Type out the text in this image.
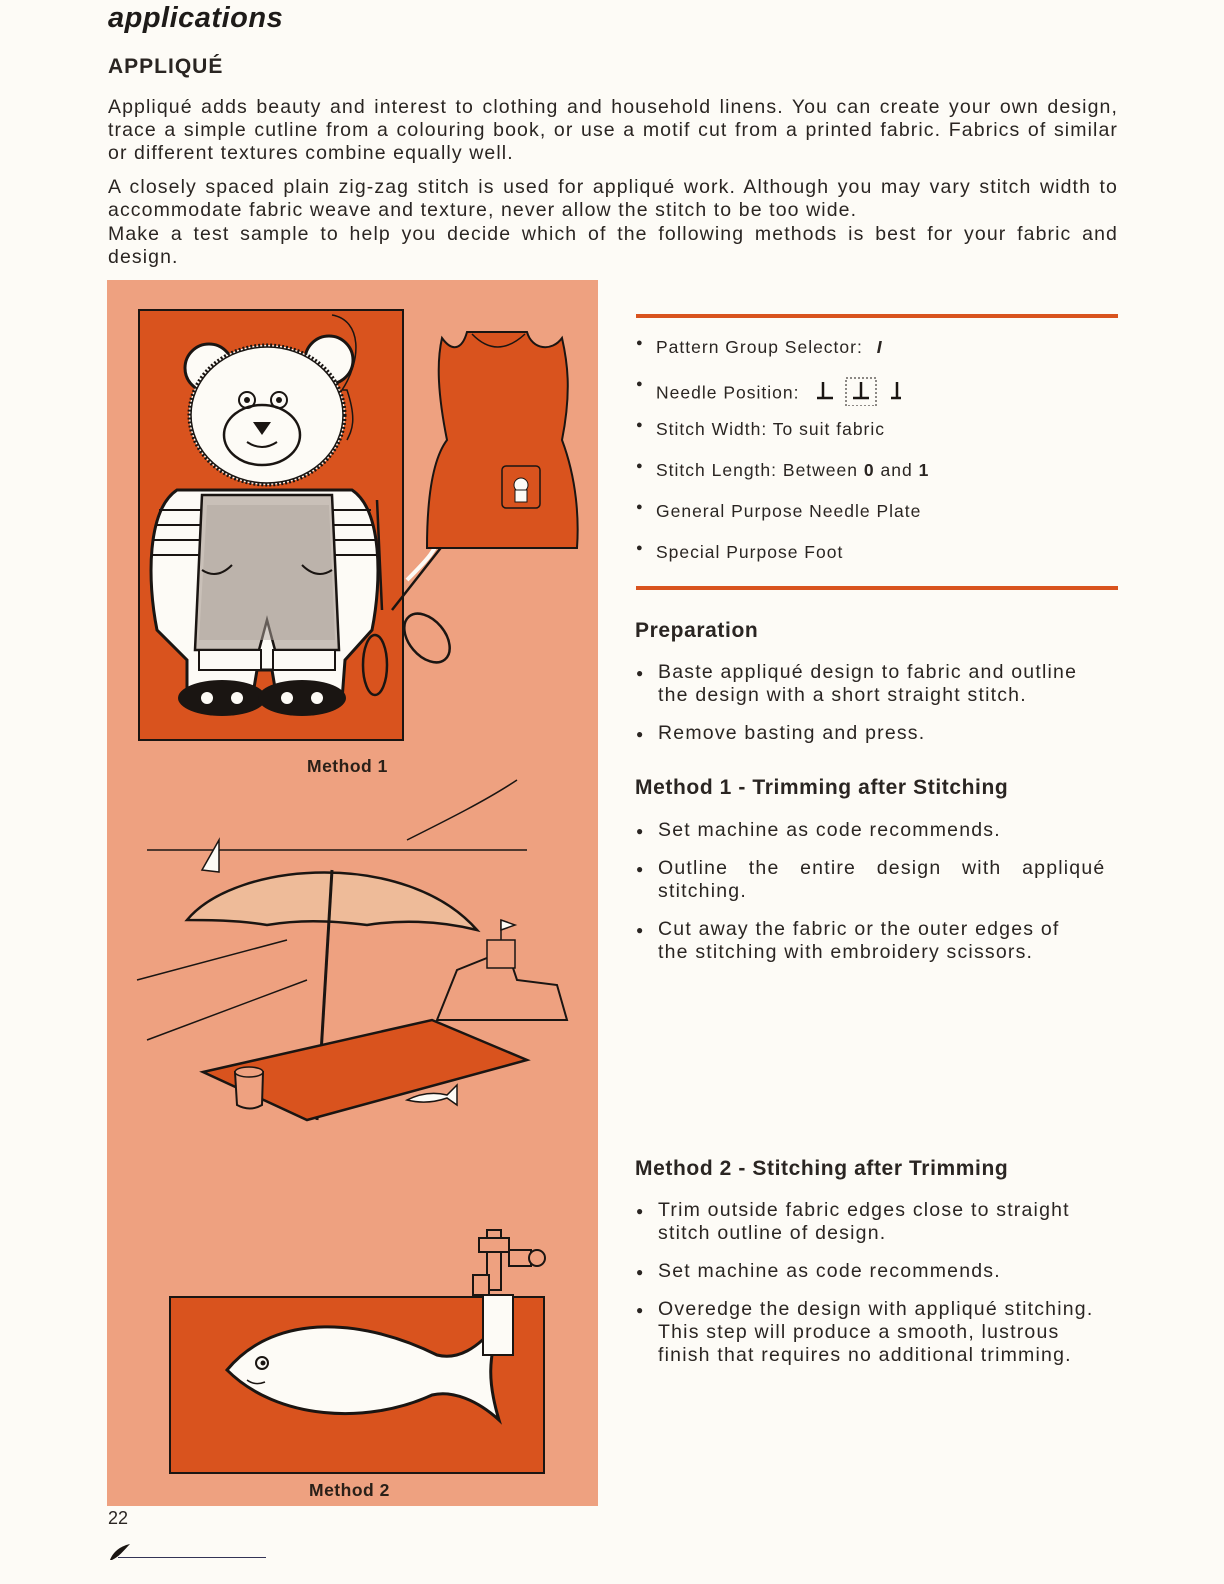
applications
APPLIQUÉ

Appliqué adds beauty and interest to clothing and household linens. You can create your own design, trace a simple cutline from a colouring book, or use a motif cut from a printed fabric. Fabrics of similar or different textures combine equally well.

A closely spaced plain zig-zag stitch is used for appliqué work. Although you may vary stitch width to accommodate fabric weave and texture, never allow the stitch to be too wide.

Make a test sample to help you decide which of the following methods is best for your fabric and design.

Method 1
Method 2
● Pattern Group Selector: I
● Needle Position:
● Stitch Width: To suit fabric
● Stitch Length: Between 0 and 1
● General Purpose Needle Plate
● Special Purpose Foot
Preparation
● Baste appliqué design to fabric and outline
the design with a short straight stitch.
● Remove basting and press.
Method 1 - Trimming after Stitching
● Set machine as code recommends.
● Outline the entire design with appliqué
stitching.
● Cut away the fabric or the outer edges of
the stitching with embroidery scissors.
Method 2 - Stitching after Trimming
● Trim outside fabric edges close to straight
stitch outline of design.
● Set machine as code recommends.
● Overedge the design with appliqué stitching.
This step will produce a smooth, lustrous
finish that requires no additional trimming.
22
